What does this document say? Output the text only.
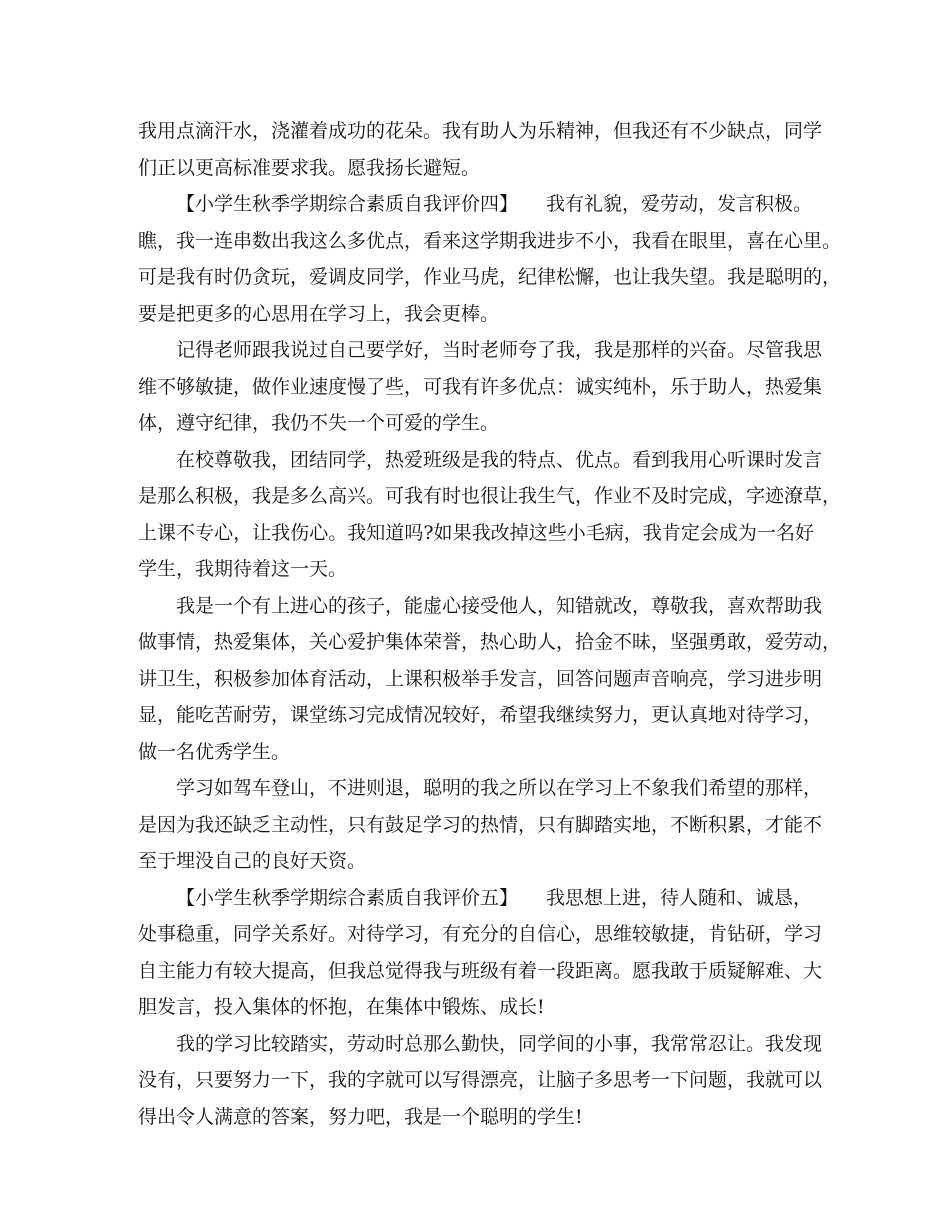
我用点滴汗水，浇灌着成功的花朵。我有助人为乐精神，但我还有不少缺点，同学
们正以更高标准要求我。愿我扬长避短。
【小学生秋季学期综合素质自我评价四】 我有礼貌，爱劳动，发言积极。
瞧，我一连串数出我这么多优点，看来这学期我进步不小，我看在眼里，喜在心里。
可是我有时仍贪玩，爱调皮同学，作业马虎，纪律松懈，也让我失望。我是聪明的，
要是把更多的心思用在学习上，我会更棒。
记得老师跟我说过自己要学好，当时老师夸了我，我是那样的兴奋。尽管我思
维不够敏捷，做作业速度慢了些，可我有许多优点：诚实纯朴，乐于助人，热爱集
体，遵守纪律，我仍不失一个可爱的学生。
在校尊敬我，团结同学，热爱班级是我的特点、优点。看到我用心听课时发言
是那么积极，我是多么高兴。可我有时也很让我生气，作业不及时完成，字迹潦草，
上课不专心，让我伤心。我知道吗?如果我改掉这些小毛病，我肯定会成为一名好
学生，我期待着这一天。
我是一个有上进心的孩子，能虚心接受他人，知错就改，尊敬我，喜欢帮助我
做事情，热爱集体，关心爱护集体荣誉，热心助人，拾金不昧，坚强勇敢，爱劳动，
讲卫生，积极参加体育活动，上课积极举手发言，回答问题声音响亮，学习进步明
显，能吃苦耐劳，课堂练习完成情况较好，希望我继续努力，更认真地对待学习，
做一名优秀学生。
学习如驾车登山，不进则退，聪明的我之所以在学习上不象我们希望的那样，
是因为我还缺乏主动性，只有鼓足学习的热情，只有脚踏实地，不断积累，才能不
至于埋没自己的良好天资。
【小学生秋季学期综合素质自我评价五】 我思想上进，待人随和、诚恳，
处事稳重，同学关系好。对待学习，有充分的自信心，思维较敏捷，肯钻研，学习
自主能力有较大提高，但我总觉得我与班级有着一段距离。愿我敢于质疑解难、大
胆发言，投入集体的怀抱，在集体中锻炼、成长!
我的学习比较踏实，劳动时总那么勤快，同学间的小事，我常常忍让。我发现
没有，只要努力一下，我的字就可以写得漂亮，让脑子多思考一下问题，我就可以
得出令人满意的答案，努力吧，我是一个聪明的学生!
